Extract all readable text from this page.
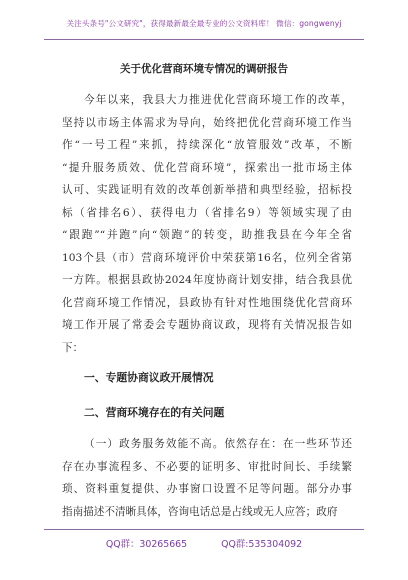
关注头条号"公文研究"，获得最新最全最专业的公文资料库！ 微信：gongwenyj
关于优化营商环境专情况的调研报告
今年以来，我县大力推进优化营商环境工作的改革，
坚持以市场主体需求为导向，始终把优化营商环境工作当
作“一号工程”来抓，持续深化“放管服效”改革，不断
“提升服务质效、优化营商环境”，探索出一批市场主体
认可、实践证明有效的改革创新举措和典型经验，招标投
标（省排名6）、获得电力（省排名9）等领域实现了由
“跟跑”“并跑”向“领跑”的转变，助推我县在今年全省
103个县（市）营商环境评价中荣获第16名，位列全省第
一方阵。根据县政协2024年度协商计划安排，结合我县优
化营商环境工作情况，县政协有针对性地围绕优化营商环
境工作开展了常委会专题协商议政，现将有关情况报告如
下：
一、专题协商议政开展情况
二、营商环境存在的有关问题
（一）政务服务效能不高。依然存在：在一些环节还
存在办事流程多、不必要的证明多、审批时间长、手续繁
琐、资料重复提供、办事窗口设置不足等问题。部分办事
指南描述不清晰具体，咨询电话总是占线或无人应答；政府
QQ群：30265665	QQ群:535304092
